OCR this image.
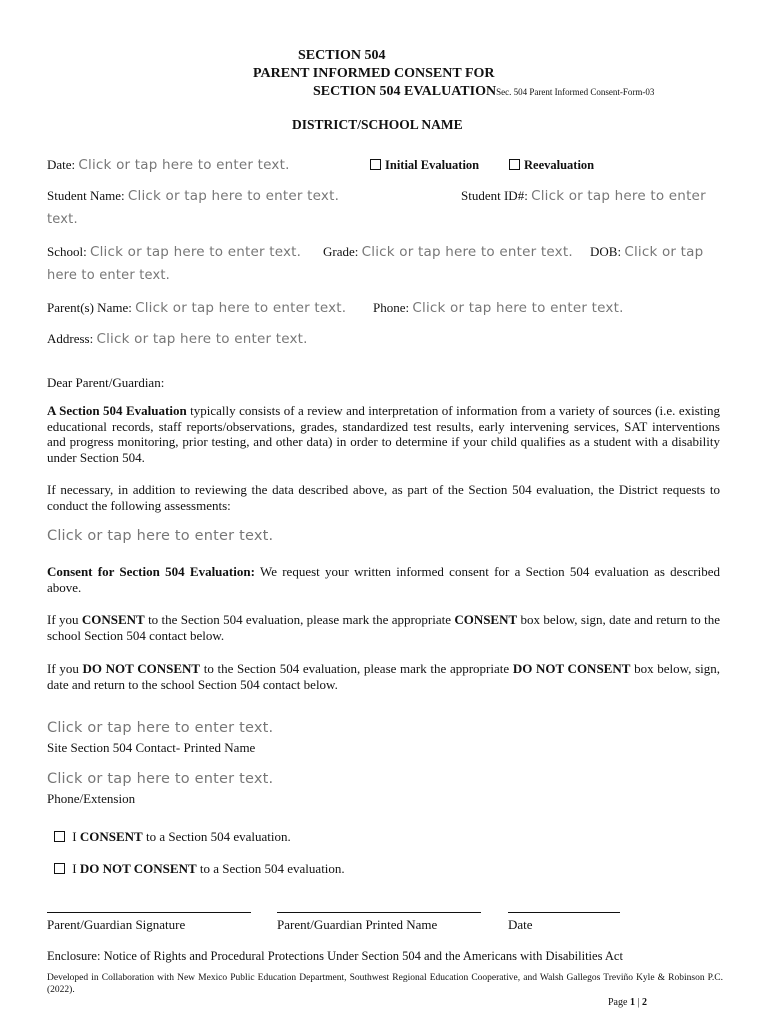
SECTION 504
PARENT INFORMED CONSENT FOR
SECTION 504 EVALUATIONSec. 504 Parent Informed Consent-Form-03
DISTRICT/SCHOOL NAME
Date: Click or tap here to enter text.	Initial Evaluation	Reevaluation
Student Name: Click or tap here to enter text.	Student ID#: Click or tap here to enter
text.
School: Click or tap here to enter text. Grade: Click or tap here to enter text. DOB: Click or tap
here to enter text.
Parent(s) Name: Click or tap here to enter text. Phone: Click or tap here to enter text.
Address: Click or tap here to enter text.
Dear Parent/Guardian:
A Section 504 Evaluation typically consists of a review and interpretation of information from a variety of sources (i.e. existing educational records, staff reports/observations, grades, standardized test results, early intervening services, SAT interventions and progress monitoring, prior testing, and other data) in order to determine if your child qualifies as a student with a disability under Section 504.
If necessary, in addition to reviewing the data described above, as part of the Section 504 evaluation, the District requests to conduct the following assessments:
Click or tap here to enter text.
Consent for Section 504 Evaluation: We request your written informed consent for a Section 504 evaluation as described above.
If you CONSENT to the Section 504 evaluation, please mark the appropriate CONSENT box below, sign, date and return to the school Section 504 contact below.
If you DO NOT CONSENT to the Section 504 evaluation, please mark the appropriate DO NOT CONSENT box below, sign, date and return to the school Section 504 contact below.
Click or tap here to enter text.
Site Section 504 Contact- Printed Name
Click or tap here to enter text.
Phone/Extension
I CONSENT to a Section 504 evaluation.
I DO NOT CONSENT to a Section 504 evaluation.
Parent/Guardian Signature	Parent/Guardian Printed Name	Date
Enclosure: Notice of Rights and Procedural Protections Under Section 504 and the Americans with Disabilities Act
Developed in Collaboration with New Mexico Public Education Department, Southwest Regional Education Cooperative, and Walsh Gallegos Treviño Kyle & Robinson P.C. (2022).
Page 1 | 2
